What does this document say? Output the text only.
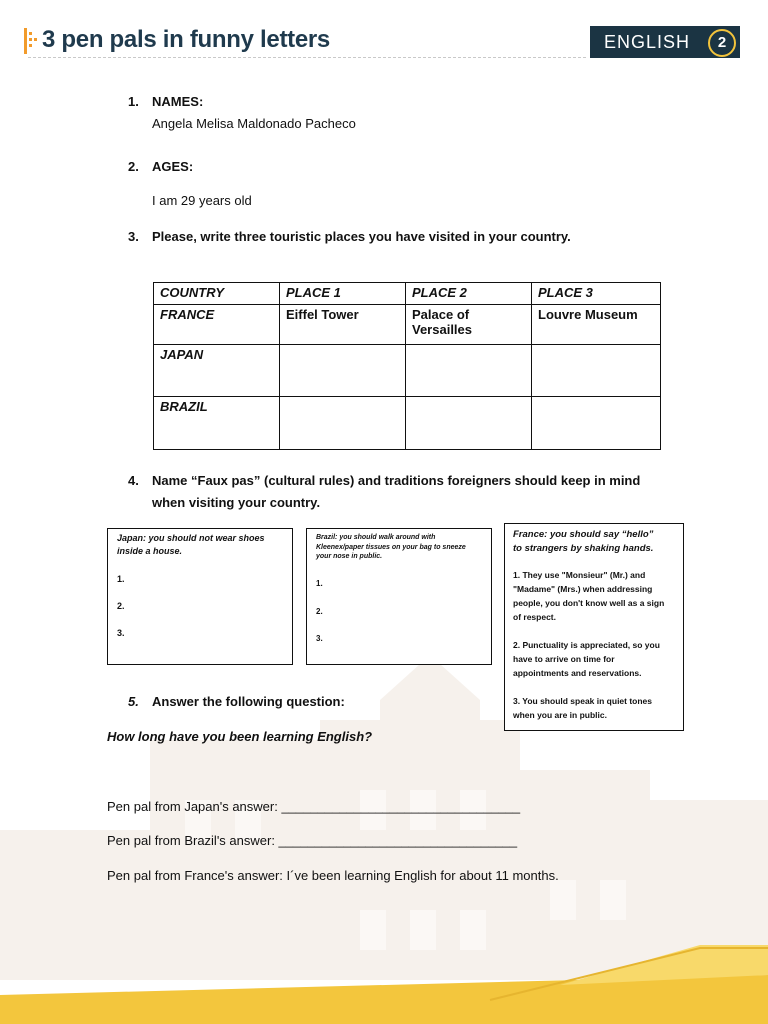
3 pen pals in funny letters	ENGLISH	2
1. NAMES:
Angela Melisa Maldonado Pacheco
2. AGES:
I am 29 years old
3. Please, write three touristic places you have visited in your country.
COUNTRY	PLACE 1	PLACE 2	PLACE 3
FRANCE	Eiffel Tower	Palace of Versailles	Louvre Museum
JAPAN			
BRAZIL			
4. Name “Faux pas” (cultural rules) and traditions foreigners should keep in mind
when visiting your country.
Japan: you should not wear shoes
inside a house.
1.
2.
3.
Brazil: you should walk around with
Kleenex/paper tissues on your bag to sneeze
your nose in public.
1.
2.
3.
France: you should say “hello”
to strangers by shaking hands.
1. They use "Monsieur" (Mr.) and
"Madame" (Mrs.) when addressing
people, you don't know well as a sign
of respect.
2. Punctuality is appreciated, so you
have to arrive on time for
appointments and reservations.
3. You should speak in quiet tones
when you are in public.
5. Answer the following question:
How long have you been learning English?
Pen pal from Japan's answer: _________________________________
Pen pal from Brazil's answer: _________________________________
Pen pal from France's answer: I´ve been learning English for about 11 months.
